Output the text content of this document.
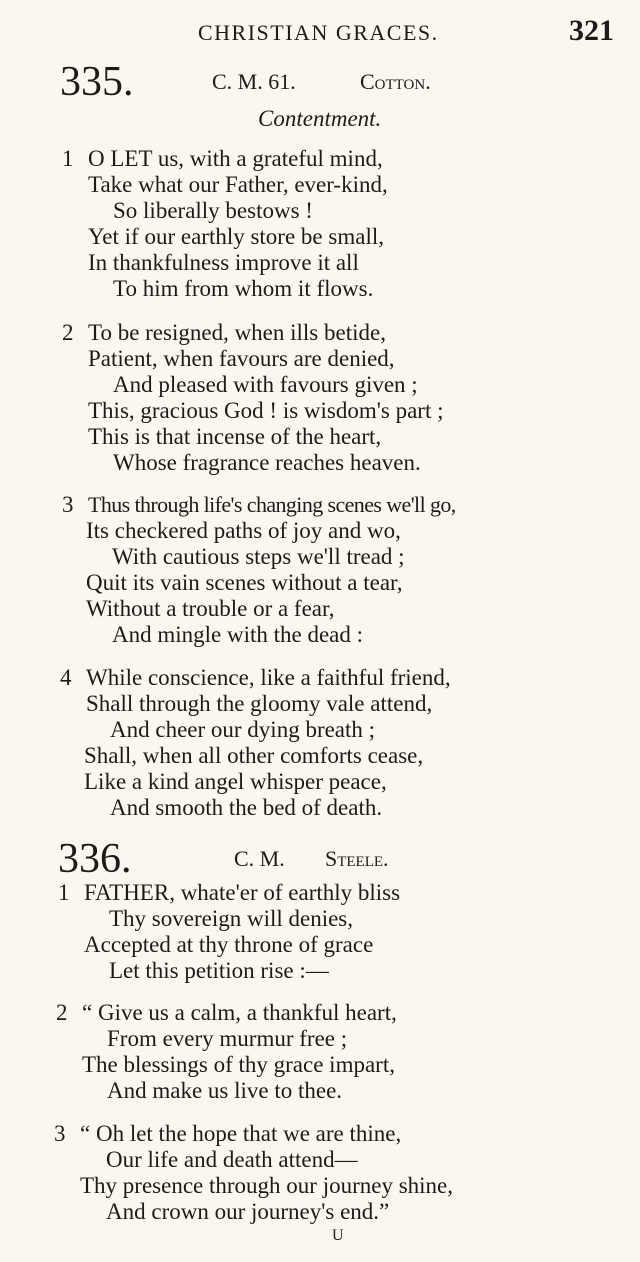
CHRISTIAN GRACES.	321
335.	C. M. 61.	Cotton.
Contentment.
1 O LET us, with a grateful mind,
Take what our Father, ever-kind,
So liberally bestows !
Yet if our earthly store be small,
In thankfulness improve it all
To him from whom it flows.
2 To be resigned, when ills betide,
Patient, when favours are denied,
And pleased with favours given ;
This, gracious God ! is wisdom's part ;
This is that incense of the heart,
Whose fragrance reaches heaven.
3 Thus through life's changing scenes we'll go,
Its checkered paths of joy and wo,
With cautious steps we'll tread ;
Quit its vain scenes without a tear,
Without a trouble or a fear,
And mingle with the dead :
4 While conscience, like a faithful friend,
Shall through the gloomy vale attend,
And cheer our dying breath ;
Shall, when all other comforts cease,
Like a kind angel whisper peace,
And smooth the bed of death.
336.	C. M. Steele.
1 FATHER, whate'er of earthly bliss
Thy sovereign will denies,
Accepted at thy throne of grace
Let this petition rise :—
2 “ Give us a calm, a thankful heart,
From every murmur free ;
The blessings of thy grace impart,
And make us live to thee.
3 “ Oh let the hope that we are thine,
Our life and death attend—
Thy presence through our journey shine,
And crown our journey's end.”
U
